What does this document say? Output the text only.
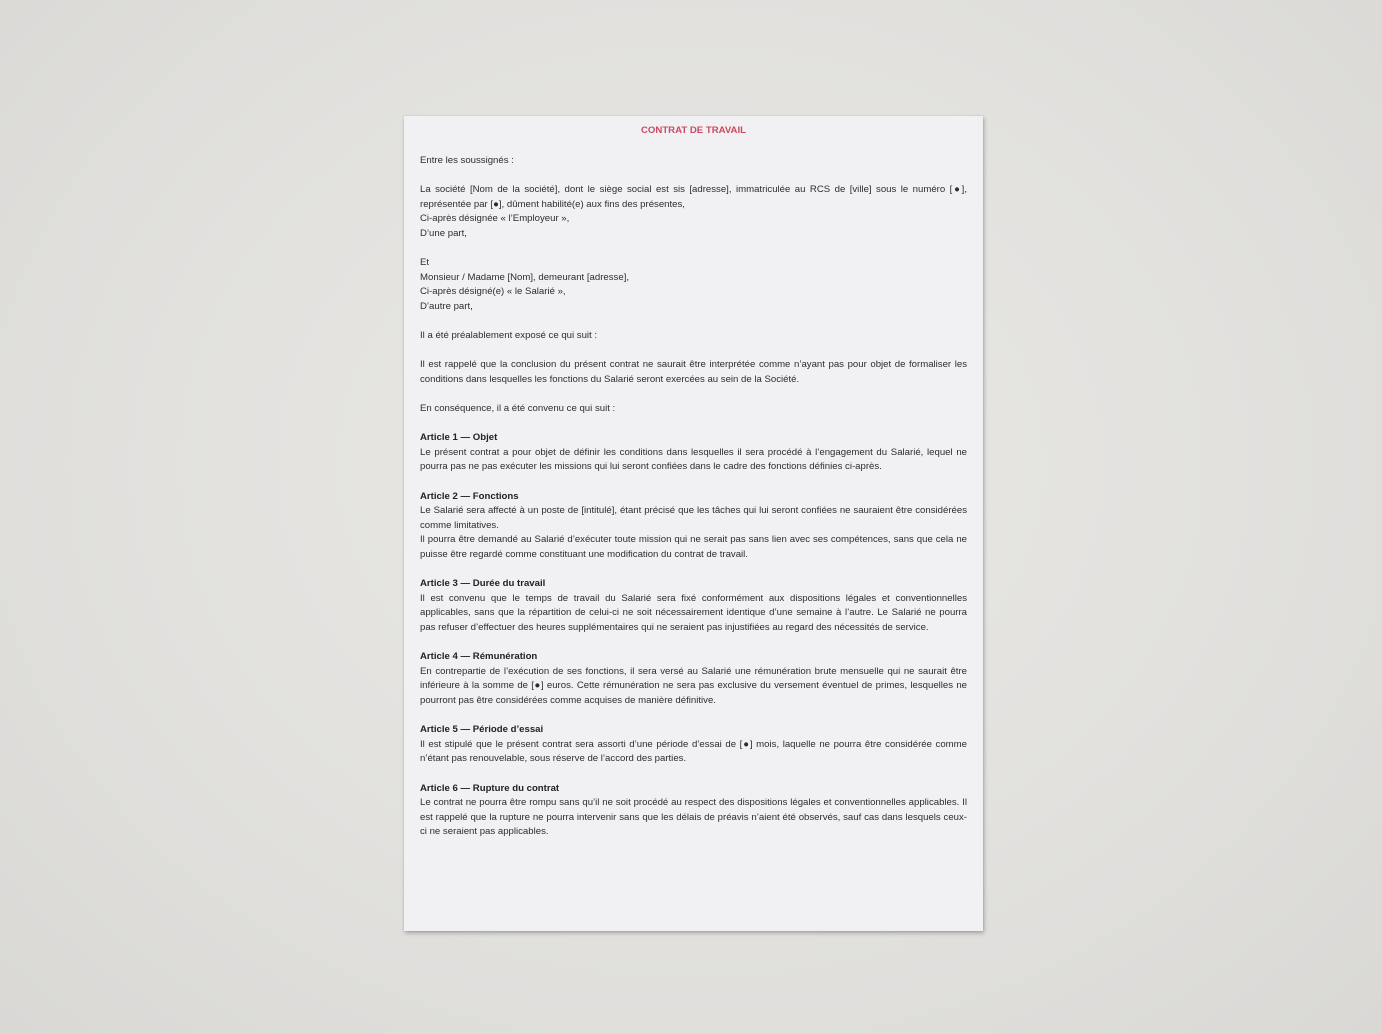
CONTRAT DE TRAVAIL

Entre les soussignés :

La société [Nom de la société], dont le siège social est sis [adresse], immatriculée au RCS de [ville] sous le numéro [●], représentée par [●], dûment habilité(e) aux fins des présentes,

Ci-après désignée « l’Employeur »,

D’une part,

Et

Monsieur / Madame [Nom], demeurant [adresse],

Ci-après désigné(e) « le Salarié »,

D’autre part,

Il a été préalablement exposé ce qui suit :

Il est rappelé que la conclusion du présent contrat ne saurait être interprétée comme n’ayant pas pour objet de formaliser les conditions dans lesquelles les fonctions du Salarié seront exercées au sein de la Société.

En conséquence, il a été convenu ce qui suit :

Article 1 — Objet

Le présent contrat a pour objet de définir les conditions dans lesquelles il sera procédé à l’engagement du Salarié, lequel ne pourra pas ne pas exécuter les missions qui lui seront confiées dans le cadre des fonctions définies ci-après.

Article 2 — Fonctions

Le Salarié sera affecté à un poste de [intitulé], étant précisé que les tâches qui lui seront confiées ne sauraient être considérées comme limitatives.

Il pourra être demandé au Salarié d’exécuter toute mission qui ne serait pas sans lien avec ses compétences, sans que cela ne puisse être regardé comme constituant une modification du contrat de travail.

Article 3 — Durée du travail

Il est convenu que le temps de travail du Salarié sera fixé conformément aux dispositions légales et conventionnelles applicables, sans que la répartition de celui-ci ne soit nécessairement identique d’une semaine à l’autre. Le Salarié ne pourra pas refuser d’effectuer des heures supplémentaires qui ne seraient pas injustifiées au regard des nécessités de service.

Article 4 — Rémunération

En contrepartie de l’exécution de ses fonctions, il sera versé au Salarié une rémunération brute mensuelle qui ne saurait être inférieure à la somme de [●] euros. Cette rémunération ne sera pas exclusive du versement éventuel de primes, lesquelles ne pourront pas être considérées comme acquises de manière définitive.

Article 5 — Période d’essai

Il est stipulé que le présent contrat sera assorti d’une période d’essai de [●] mois, laquelle ne pourra être considérée comme n’étant pas renouvelable, sous réserve de l’accord des parties.

Article 6 — Rupture du contrat

Le contrat ne pourra être rompu sans qu’il ne soit procédé au respect des dispositions légales et conventionnelles applicables. Il est rappelé que la rupture ne pourra intervenir sans que les délais de préavis n’aient été observés, sauf cas dans lesquels ceux-ci ne seraient pas applicables.
